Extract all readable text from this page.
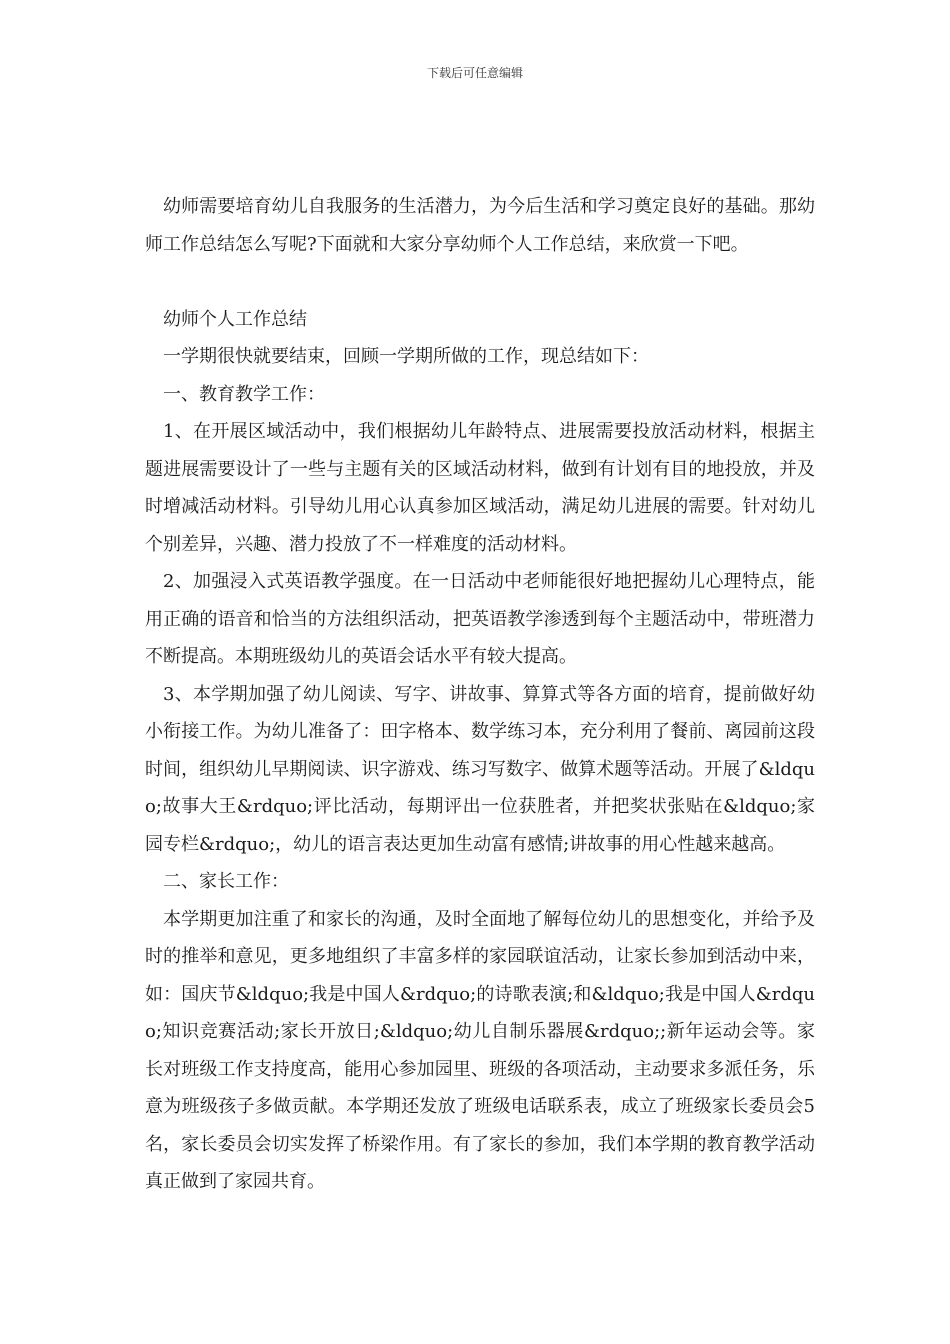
下载后可任意编辑

幼师需要培育幼儿自我服务的生活潜力，为今后生活和学习奠定良好的基础。那幼师工作总结怎么写呢?下面就和大家分享幼师个人工作总结，来欣赏一下吧。

幼师个人工作总结

一学期很快就要结束，回顾一学期所做的工作，现总结如下：

一、教育教学工作：

1、在开展区域活动中，我们根据幼儿年龄特点、进展需要投放活动材料，根据主题进展需要设计了一些与主题有关的区域活动材料，做到有计划有目的地投放，并及时增减活动材料。引导幼儿用心认真参加区域活动，满足幼儿进展的需要。针对幼儿个别差异，兴趣、潜力投放了不一样难度的活动材料。

2、加强浸入式英语教学强度。在一日活动中老师能很好地把握幼儿心理特点，能用正确的语音和恰当的方法组织活动，把英语教学渗透到每个主题活动中，带班潜力不断提高。本期班级幼儿的英语会话水平有较大提高。

3、本学期加强了幼儿阅读、写字、讲故事、算算式等各方面的培育，提前做好幼小衔接工作。为幼儿准备了：田字格本、数学练习本，充分利用了餐前、离园前这段时间，组织幼儿早期阅读、识字游戏、练习写数字、做算术题等活动。开展了&ldquo;故事大王&rdquo;评比活动，每期评出一位获胜者，并把奖状张贴在&ldquo;家园专栏&rdquo;，幼儿的语言表达更加生动富有感情;讲故事的用心性越来越高。

二、家长工作：

本学期更加注重了和家长的沟通，及时全面地了解每位幼儿的思想变化，并给予及时的推举和意见，更多地组织了丰富多样的家园联谊活动，让家长参加到活动中来，如：国庆节&ldquo;我是中国人&rdquo;的诗歌表演;和&ldquo;我是中国人&rdquo;知识竞赛活动;家长开放日;&ldquo;幼儿自制乐器展&rdquo;;新年运动会等。家长对班级工作支持度高，能用心参加园里、班级的各项活动，主动要求多派任务，乐意为班级孩子多做贡献。本学期还发放了班级电话联系表，成立了班级家长委员会5名，家长委员会切实发挥了桥梁作用。有了家长的参加，我们本学期的教育教学活动真正做到了家园共育。
